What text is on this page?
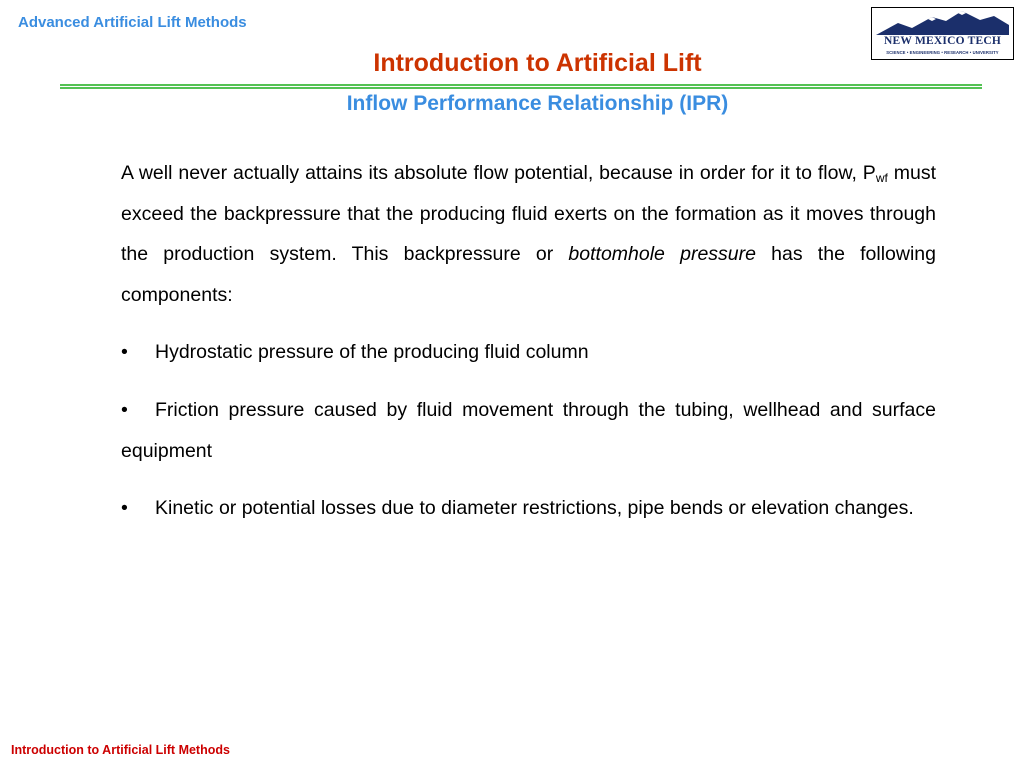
Advanced Artificial Lift Methods
NEW MEXICO TECH
SCIENCE • ENGINEERING • RESEARCH • UNIVERSITY
Introduction to Artificial Lift
Inflow Performance Relationship (IPR)

A well never actually attains its absolute flow potential, because in order for it to flow, $P_{wf}$ must exceed the backpressure that the producing fluid exerts on the formation as it moves through the production system. This backpressure or bottomhole pressure has the following components:

• Hydrostatic pressure of the producing fluid column

• Friction pressure caused by fluid movement through the tubing, wellhead and surface equipment

• Kinetic or potential losses due to diameter restrictions, pipe bends or elevation changes.

Introduction to Artificial Lift Methods
